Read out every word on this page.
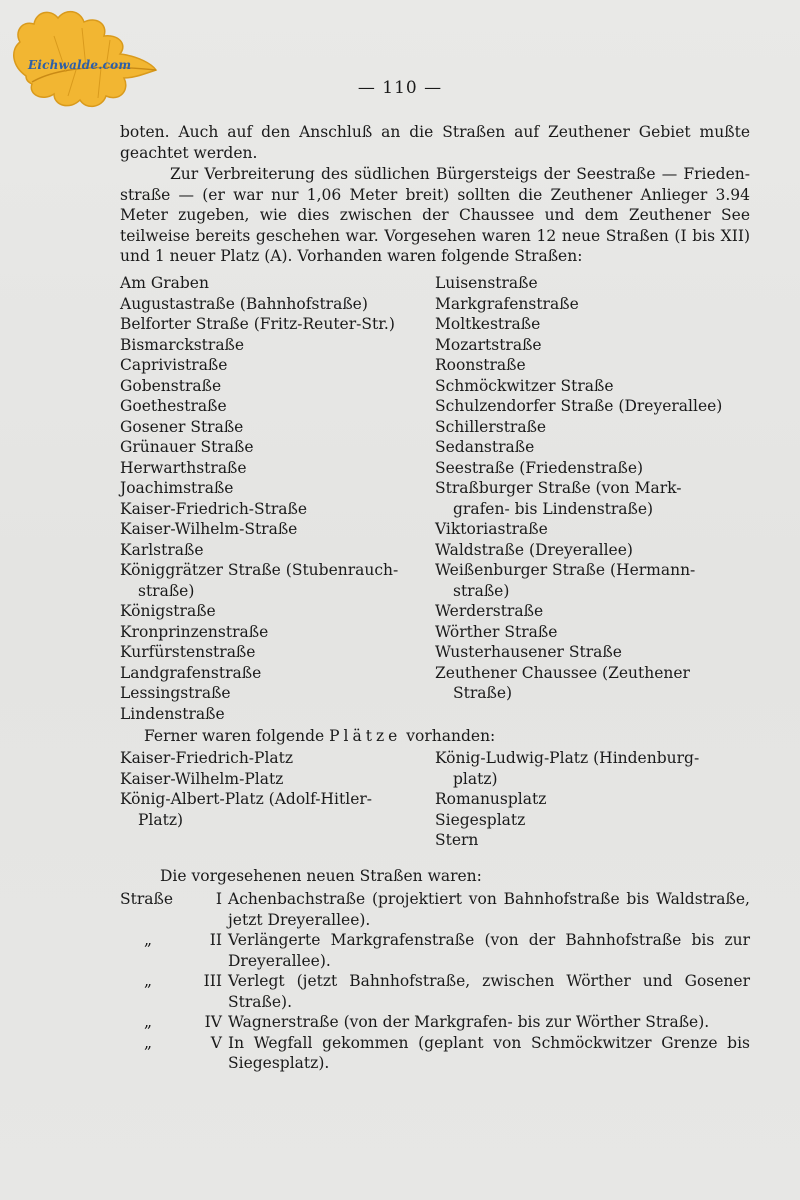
Eichwalde.com
— 110 —
boten. Auch auf den Anschluß an die Straßen auf Zeuthener Gebiet mußte
geachtet werden.
Zur Verbreiterung des südlichen Bürgersteigs der Seestraße — Friedenstraße — (er war nur 1,06 Meter breit) sollten die Zeuthener Anlieger 3.94 Meter zugeben, wie dies zwischen der Chaussee und dem Zeuthener See teilweise bereits geschehen war. Vorgesehen waren 12 neue Straßen (I bis XII) und 1 neuer Platz (A). Vorhanden waren folgende Straßen:
Am Graben
Augustastraße (Bahnhofstraße)
Belforter Straße (Fritz-Reuter-Str.)
Bismarckstraße
Caprivistraße
Gobenstraße
Goethestraße
Gosener Straße
Grünauer Straße
Herwarthstraße
Joachimstraße
Kaiser-Friedrich-Straße
Kaiser-Wilhelm-Straße
Karlstraße
Königgrätzer Straße (Stubenrauch-
straße)
Königstraße
Kronprinzenstraße
Kurfürstenstraße
Landgrafenstraße
Lessingstraße
Lindenstraße
Luisenstraße
Markgrafenstraße
Moltkestraße
Mozartstraße
Roonstraße
Schmöckwitzer Straße
Schulzendorfer Straße (Dreyerallee)
Schillerstraße
Sedanstraße
Seestraße (Friedenstraße)
Straßburger Straße (von Mark-
grafen- bis Lindenstraße)
Viktoriastraße
Waldstraße (Dreyerallee)
Weißenburger Straße (Hermann-
straße)
Werderstraße
Wörther Straße
Wusterhausener Straße
Zeuthener Chaussee (Zeuthener
Straße)
Ferner waren folgende Plätze vorhanden:
Kaiser-Friedrich-Platz
Kaiser-Wilhelm-Platz
König-Albert-Platz (Adolf-Hitler-
Platz)
König-Ludwig-Platz (Hindenburg-
platz)
Romanusplatz
Siegesplatz
Stern
Die vorgesehenen neuen Straßen waren:
Straße	I Achenbachstraße (projektiert von Bahnhofstraße bis Waldstraße, jetzt Dreyerallee).
„	II Verlängerte Markgrafenstraße (von der Bahnhofstraße bis zur Dreyerallee).
„	III Verlegt (jetzt Bahnhofstraße, zwischen Wörther und Gosener Straße).
„	IV Wagnerstraße (von der Markgrafen- bis zur Wörther Straße).
„	V In Wegfall gekommen (geplant von Schmöckwitzer Grenze bis Siegesplatz).
